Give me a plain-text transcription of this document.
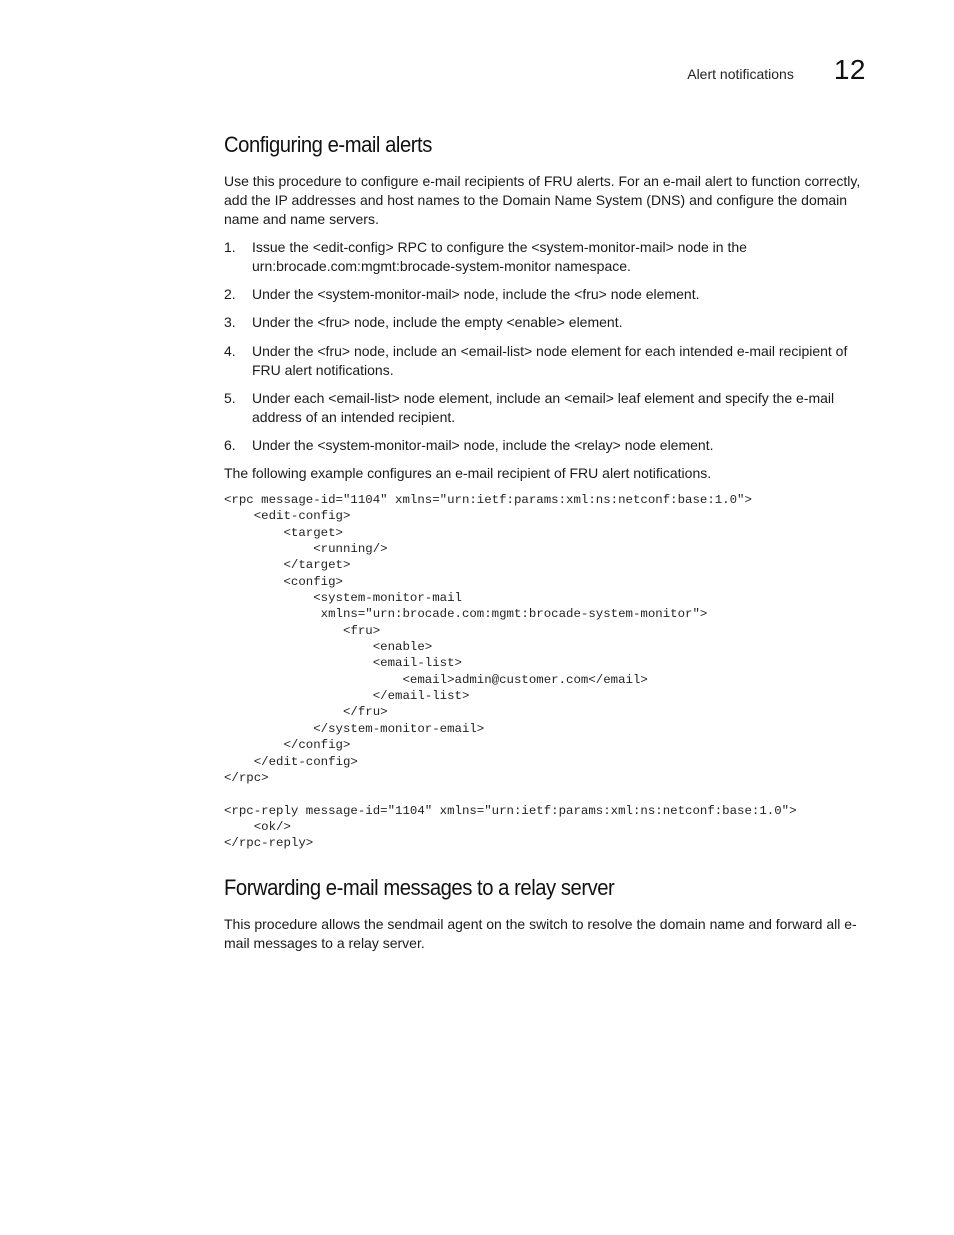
Alert notifications 12
Configuring e-mail alerts

Use this procedure to configure e-mail recipients of FRU alerts. For an e-mail alert to function correctly, add the IP addresses and host names to the Domain Name System (DNS) and configure the domain name and name servers.

1.	Issue the <edit-config> RPC to configure the <system-monitor-mail> node in the urn:brocade.com:mgmt:brocade-system-monitor namespace.
2.	Under the <system-monitor-mail> node, include the <fru> node element.
3.	Under the <fru> node, include the empty <enable> element.
4.	Under the <fru> node, include an <email-list> node element for each intended e-mail recipient of FRU alert notifications.
5.	Under each <email-list> node element, include an <email> leaf element and specify the e-mail address of an intended recipient.
6.	Under the <system-monitor-mail> node, include the <relay> node element.

The following example configures an e-mail recipient of FRU alert notifications.

<rpc message-id="1104" xmlns="urn:ietf:params:xml:ns:netconf:base:1.0">
<edit-config>
<target>
<running/>
</target>
<config>
<system-monitor-mail
xmlns="urn:brocade.com:mgmt:brocade-system-monitor">
<fru>
<enable>
<email-list>
<email>admin@customer.com</email>
</email-list>
</fru>
</system-monitor-email>
</config>
</edit-config>
</rpc>

<rpc-reply message-id="1104" xmlns="urn:ietf:params:xml:ns:netconf:base:1.0">
<ok/>
</rpc-reply>
Forwarding e-mail messages to a relay server

This procedure allows the sendmail agent on the switch to resolve the domain name and forward all e-mail messages to a relay server.
